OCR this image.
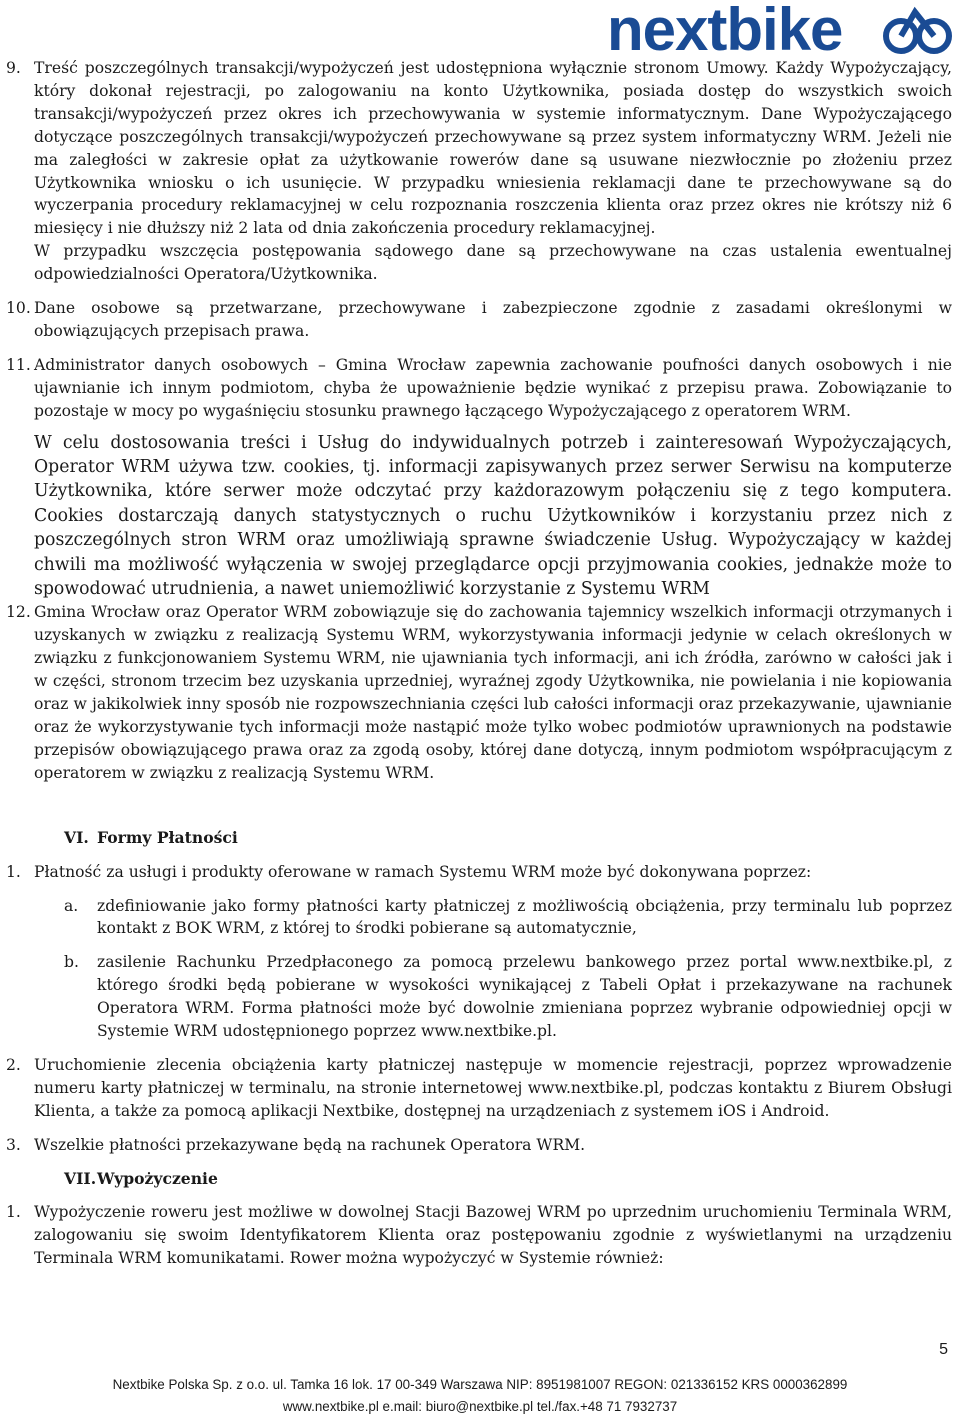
nextbike
9. Treść poszczególnych transakcji/wypożyczeń jest udostępniona wyłącznie stronom Umowy. Każdy Wypożyczający, który dokonał rejestracji, po zalogowaniu na konto Użytkownika, posiada dostęp do wszystkich swoich transakcji/wypożyczeń przez okres ich przechowywania w systemie informatycznym. Dane Wypożyczającego dotyczące poszczególnych transakcji/wypożyczeń przechowywane są przez system informatyczny WRM. Jeżeli nie ma zaległości w zakresie opłat za użytkowanie rowerów dane są usuwane niezwłocznie po złożeniu przez Użytkownika wniosku o ich usunięcie. W przypadku wniesienia reklamacji dane te przechowywane są do wyczerpania procedury reklamacyjnej w celu rozpoznania roszczenia klienta oraz przez okres nie krótszy niż 6 miesięcy i nie dłuższy niż 2 lata od dnia zakończenia procedury reklamacyjnej.

W przypadku wszczęcia postępowania sądowego dane są przechowywane na czas ustalenia ewentualnej odpowiedzialności Operatora/Użytkownika.

10. Dane osobowe są przetwarzane, przechowywane i zabezpieczone zgodnie z zasadami określonymi w obowiązujących przepisach prawa.

11. Administrator danych osobowych – Gmina Wrocław zapewnia zachowanie poufności danych osobowych i nie ujawnianie ich innym podmiotom, chyba że upoważnienie będzie wynikać z przepisu prawa. Zobowiązanie to pozostaje w mocy po wygaśnięciu stosunku prawnego łączącego Wypożyczającego z operatorem WRM.

W celu dostosowania treści i Usług do indywidualnych potrzeb i zainteresowań Wypożyczających, Operator WRM używa tzw. cookies, tj. informacji zapisywanych przez serwer Serwisu na komputerze Użytkownika, które serwer może odczytać przy każdorazowym połączeniu się z tego komputera. Cookies dostarczają danych statystycznych o ruchu Użytkowników i korzystaniu przez nich z poszczególnych stron WRM oraz umożliwiają sprawne świadczenie Usług. Wypożyczający w każdej chwili ma możliwość wyłączenia w swojej przeglądarce opcji przyjmowania cookies, jednakże może to spowodować utrudnienia, a nawet uniemożliwić korzystanie z Systemu WRM

12. Gmina Wrocław oraz Operator WRM zobowiązuje się do zachowania tajemnicy wszelkich informacji otrzymanych i uzyskanych w związku z realizacją Systemu WRM, wykorzystywania informacji jedynie w celach określonych w związku z funkcjonowaniem Systemu WRM, nie ujawniania tych informacji, ani ich źródła, zarówno w całości jak i w części, stronom trzecim bez uzyskania uprzedniej, wyraźnej zgody Użytkownika, nie powielania i nie kopiowania oraz w jakikolwiek inny sposób nie rozpowszechniania części lub całości informacji oraz przekazywanie, ujawnianie oraz że wykorzystywanie tych informacji może nastąpić może tylko wobec podmiotów uprawnionych na podstawie przepisów obowiązującego prawa oraz za zgodą osoby, której dane dotyczą, innym podmiotom współpracującym z operatorem w związku z realizacją Systemu WRM.

VI. Formy Płatności

1. Płatność za usługi i produkty oferowane w ramach Systemu WRM może być dokonywana poprzez:

a. zdefiniowanie jako formy płatności karty płatniczej z możliwością obciążenia, przy terminalu lub poprzez kontakt z BOK WRM, z której to środki pobierane są automatycznie,

b. zasilenie Rachunku Przedpłaconego za pomocą przelewu bankowego przez portal www.nextbike.pl, z którego środki będą pobierane w wysokości wynikającej z Tabeli Opłat i przekazywane na rachunek Operatora WRM. Forma płatności może być dowolnie zmieniana poprzez wybranie odpowiedniej opcji w Systemie WRM udostępnionego poprzez www.nextbike.pl.

2. Uruchomienie zlecenia obciążenia karty płatniczej następuje w momencie rejestracji, poprzez wprowadzenie numeru karty płatniczej w terminalu, na stronie internetowej www.nextbike.pl, podczas kontaktu z Biurem Obsługi Klienta, a także za pomocą aplikacji Nextbike, dostępnej na urządzeniach z systemem iOS i Android.

3. Wszelkie płatności przekazywane będą na rachunek Operatora WRM.

VII.Wypożyczenie

1. Wypożyczenie roweru jest możliwe w dowolnej Stacji Bazowej WRM po uprzednim uruchomieniu Terminala WRM, zalogowaniu się swoim Identyfikatorem Klienta oraz postępowaniu zgodnie z wyświetlanymi na urządzeniu Terminala WRM komunikatami. Rower można wypożyczyć w Systemie również:

5
Nextbike Polska Sp. z o.o. ul. Tamka 16 lok. 17 00-349 Warszawa NIP: 8951981007 REGON: 021336152 KRS 0000362899
www.nextbike.pl e.mail: biuro@nextbike.pl tel./fax.+48 71 7932737
